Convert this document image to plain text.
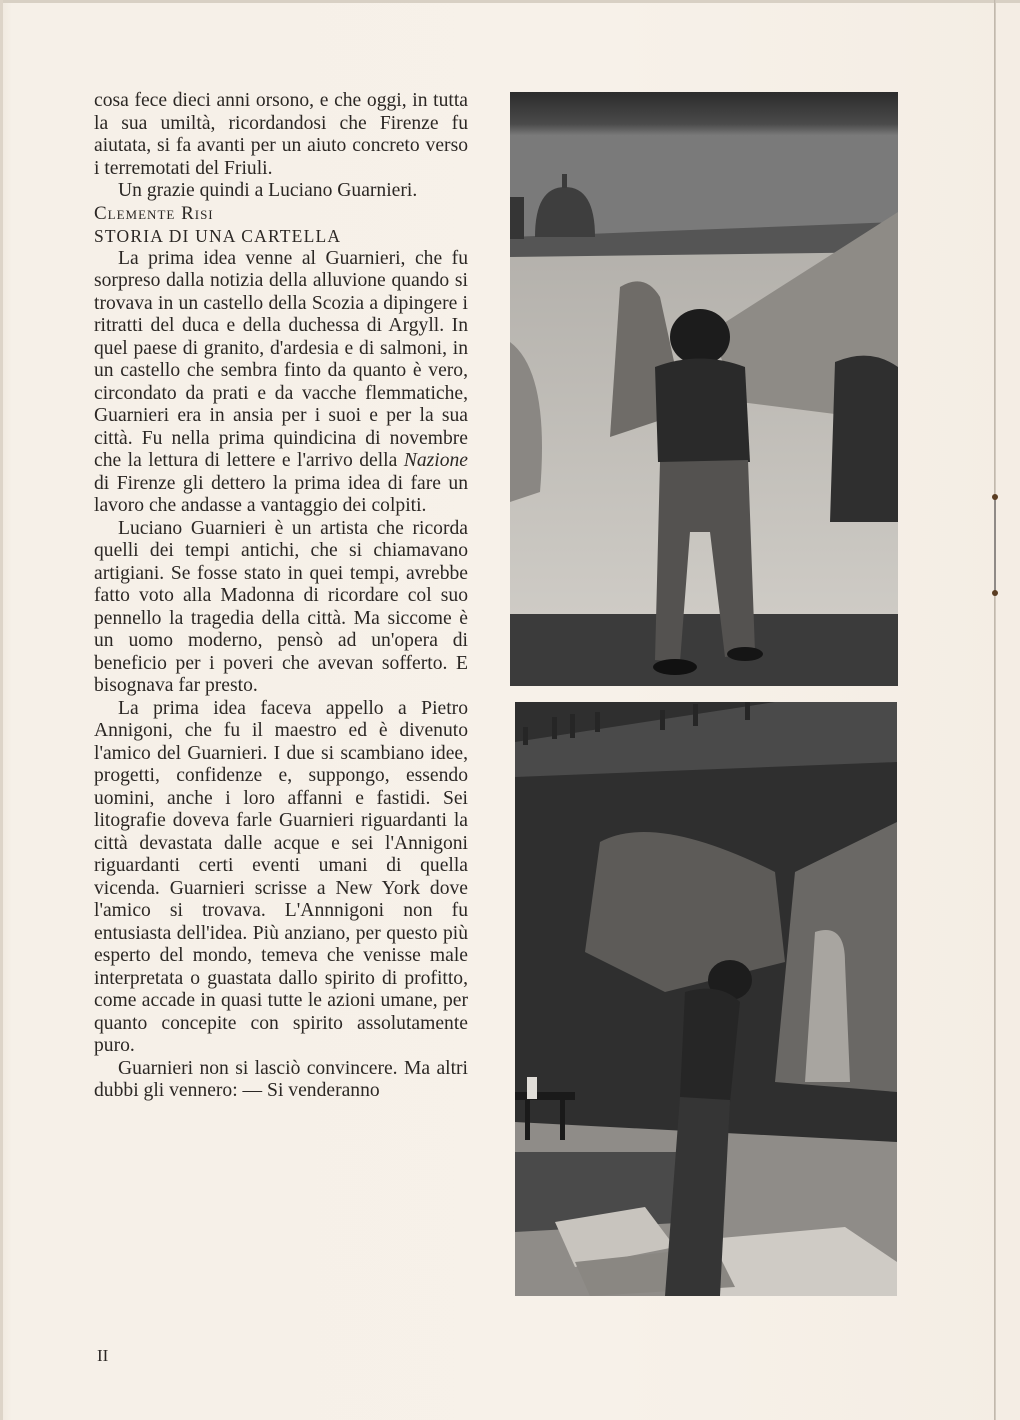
cosa fece dieci anni orsono, e che oggi, in tutta la sua umiltà, ricordandosi che Firenze fu aiutata, si fa avanti per un aiuto concreto verso i terremotati del Friuli.

Un grazie quindi a Luciano Guarnieri.

Clemente Risi

STORIA DI UNA CARTELLA

La prima idea venne al Guarnieri, che fu sorpreso dalla notizia della alluvione quando si trovava in un castello della Scozia a dipingere i ritratti del duca e della duchessa di Argyll. In quel paese di granito, d'ardesia e di salmoni, in un castello che sembra finto da quanto è vero, circondato da prati e da vacche flemmatiche, Guarnieri era in ansia per i suoi e per la sua città. Fu nella prima quindicina di novembre che la lettura di lettere e l'arrivo della Nazione di Firenze gli dettero la prima idea di fare un lavoro che andasse a vantaggio dei colpiti.

Luciano Guarnieri è un artista che ricorda quelli dei tempi antichi, che si chiamavano artigiani. Se fosse stato in quei tempi, avrebbe fatto voto alla Madonna di ricordare col suo pennello la tragedia della città. Ma siccome è un uomo moderno, pensò ad un'opera di beneficio per i poveri che avevan sofferto. E bisognava far presto.

La prima idea faceva appello a Pietro Annigoni, che fu il maestro ed è divenuto l'amico del Guarnieri. I due si scambiano idee, progetti, confidenze e, suppongo, essendo uomini, anche i loro affanni e fastidi. Sei litografie doveva farle Guarnieri riguardanti la città devastata dalle acque e sei l'Annigoni riguardanti certi eventi umani di quella vicenda. Guarnieri scrisse a New York dove l'amico si trovava. L'Annnigoni non fu entusiasta dell'idea. Più anziano, per questo più esperto del mondo, temeva che venisse male interpretata o guastata dallo spirito di profitto, come accade in quasi tutte le azioni umane, per quanto concepite con spirito assolutamente puro.

Guarnieri non si lasciò convincere. Ma altri dubbi gli vennero: — Si venderanno

II
